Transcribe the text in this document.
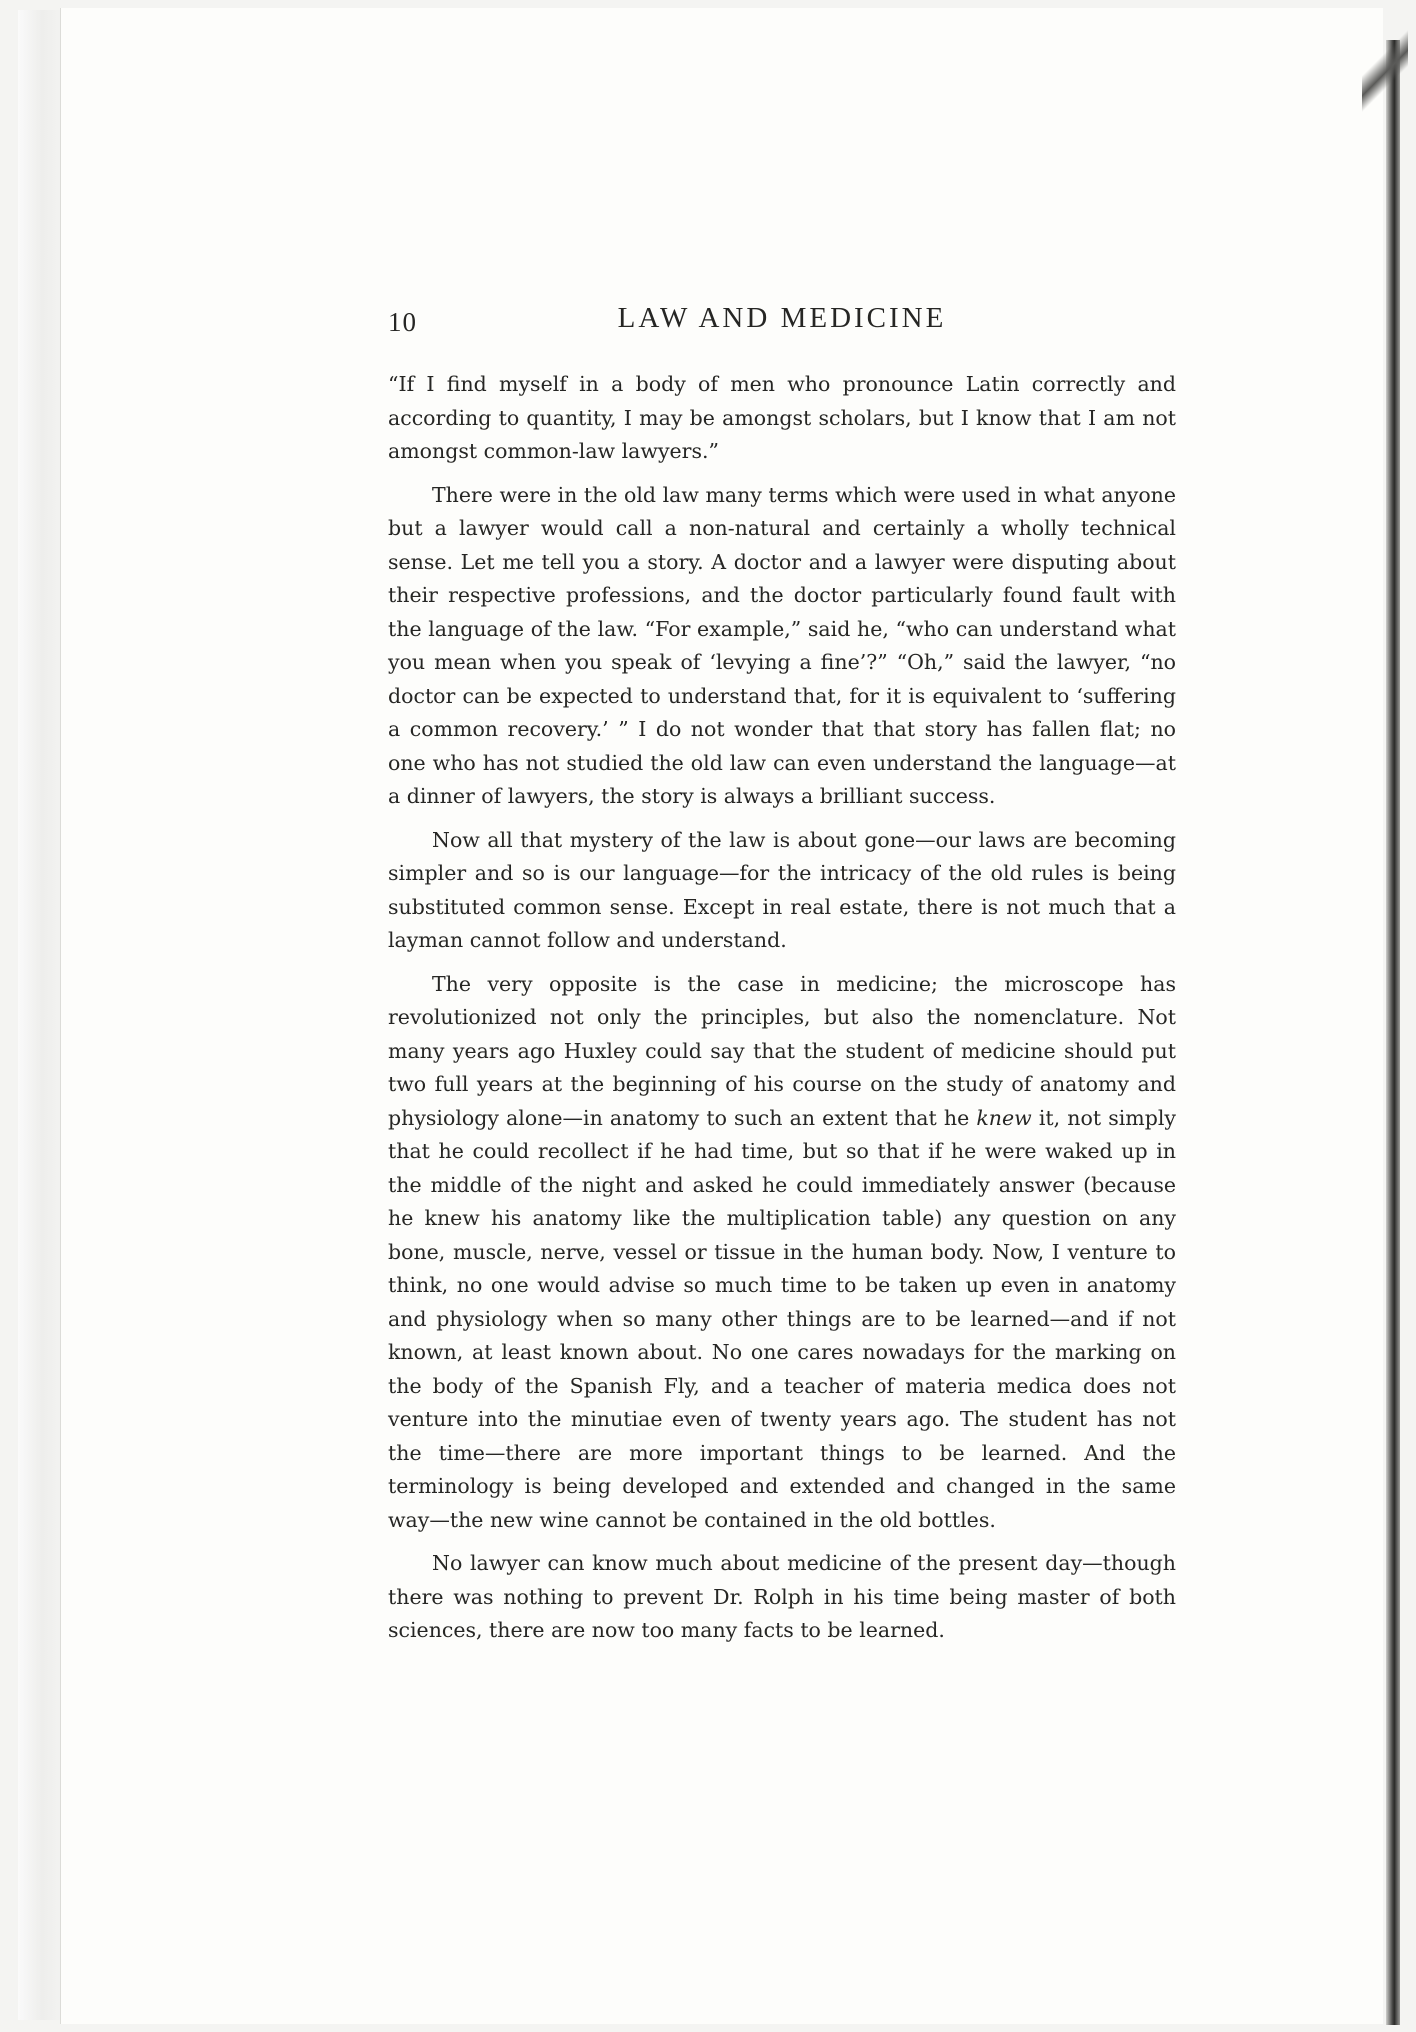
10	LAW AND MEDICINE

“If I find myself in a body of men who pronounce Latin correctly and according to quantity, I may be amongst scholars, but I know that I am not amongst common-law lawyers.”

There were in the old law many terms which were used in what anyone but a lawyer would call a non-natural and certainly a wholly technical sense. Let me tell you a story. A doctor and a lawyer were disputing about their respective professions, and the doctor particularly found fault with the language of the law. “For example,” said he, “who can understand what you mean when you speak of ‘levying a fine’?” “Oh,” said the lawyer, “no doctor can be expected to understand that, for it is equivalent to ‘suffering a common recovery.’ ” I do not wonder that that story has fallen flat; no one who has not studied the old law can even understand the language—at a dinner of lawyers, the story is always a brilliant success.

Now all that mystery of the law is about gone—our laws are becoming simpler and so is our language—for the intricacy of the old rules is being substituted common sense. Except in real estate, there is not much that a layman cannot follow and understand.

The very opposite is the case in medicine; the microscope has revolutionized not only the principles, but also the nomenclature. Not many years ago Huxley could say that the student of medicine should put two full years at the beginning of his course on the study of anatomy and physiology alone—in anatomy to such an extent that he knew it, not simply that he could recollect if he had time, but so that if he were waked up in the middle of the night and asked he could immediately answer (because he knew his anatomy like the multiplication table) any question on any bone, muscle, nerve, vessel or tissue in the human body. Now, I venture to think, no one would advise so much time to be taken up even in anatomy and physiology when so many other things are to be learned—and if not known, at least known about. No one cares nowadays for the marking on the body of the Spanish Fly, and a teacher of materia medica does not venture into the minutiae even of twenty years ago. The student has not the time—there are more important things to be learned. And the terminology is being developed and extended and changed in the same way—the new wine cannot be contained in the old bottles.

No lawyer can know much about medicine of the present day—though there was nothing to prevent Dr. Rolph in his time being master of both sciences, there are now too many facts to be learned.
